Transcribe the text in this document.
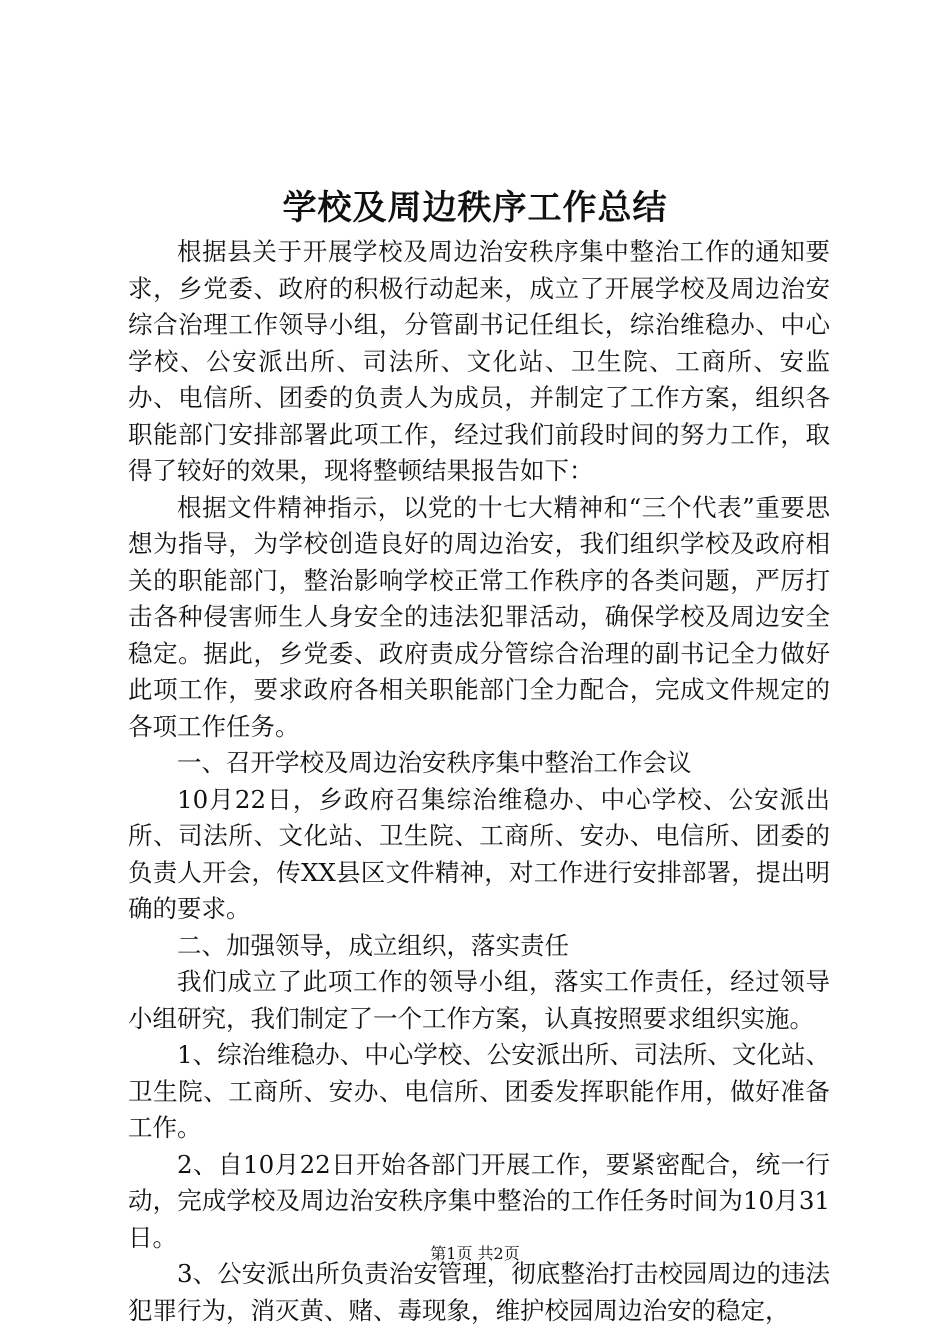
学校及周边秩序工作总结

根据县关于开展学校及周边治安秩序集中整治工作的通知要求，乡党委、政府的积极行动起来，成立了开展学校及周边治安综合治理工作领导小组，分管副书记任组长，综治维稳办、中心学校、公安派出所、司法所、文化站、卫生院、工商所、安监办、电信所、团委的负责人为成员，并制定了工作方案，组织各职能部门安排部署此项工作，经过我们前段时间的努力工作，取得了较好的效果，现将整顿结果报告如下：

根据文件精神指示，以党的十七大精神和“三个代表”重要思想为指导，为学校创造良好的周边治安，我们组织学校及政府相关的职能部门，整治影响学校正常工作秩序的各类问题，严厉打击各种侵害师生人身安全的违法犯罪活动，确保学校及周边安全稳定。据此，乡党委、政府责成分管综合治理的副书记全力做好此项工作，要求政府各相关职能部门全力配合，完成文件规定的各项工作任务。

一、召开学校及周边治安秩序集中整治工作会议

10月22日，乡政府召集综治维稳办、中心学校、公安派出所、司法所、文化站、卫生院、工商所、安办、电信所、团委的负责人开会，传XX县区文件精神，对工作进行安排部署，提出明确的要求。

二、加强领导，成立组织，落实责任

我们成立了此项工作的领导小组，落实工作责任，经过领导小组研究，我们制定了一个工作方案，认真按照要求组织实施。

1、综治维稳办、中心学校、公安派出所、司法所、文化站、卫生院、工商所、安办、电信所、团委发挥职能作用，做好准备工作。

2、自10月22日开始各部门开展工作，要紧密配合，统一行动，完成学校及周边治安秩序集中整治的工作任务时间为10月31日。

3、公安派出所负责治安管理，彻底整治打击校园周边的违法犯罪行为，消灭黄、赌、毒现象，维护校园周边治安的稳定，

第1页 共2页
